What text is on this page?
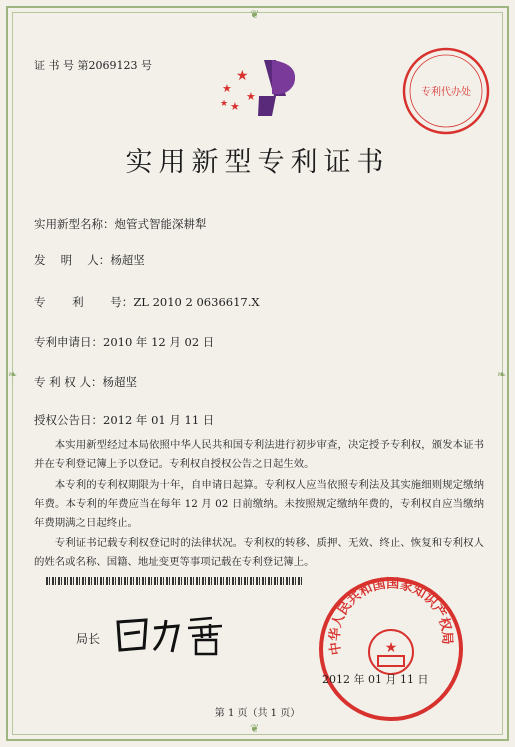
❦
❦
❧	❧
证 书 号 第2069123 号
★
★
★
★
★
专利代办处
实用新型专利证书
实用新型名称：炮管式智能深耕犁
发　 明　 人：杨超坚
专　　 利　　 号：ZL 2010 2 0636617.X
专利申请日：2010 年 12 月 02 日
专 利 权 人：杨超坚
授权公告日：2012 年 01 月 11 日
本实用新型经过本局依照中华人民共和国专利法进行初步审查，决定授予专利权，颁发本证书并在专利登记簿上予以登记。专利权自授权公告之日起生效。
本专利的专利权期限为十年，自申请日起算。专利权人应当依照专利法及其实施细则规定缴纳年费。本专利的年费应当在每年 12 月 02 日前缴纳。未按照规定缴纳年费的，专利权自应当缴纳年费期满之日起终止。
专利证书记载专利权登记时的法律状况。专利权的转移、质押、无效、终止、恢复和专利权人的姓名或名称、国籍、地址变更等事项记载在专利登记簿上。
局长
中华人民共和国国家知识产权局
★
2012 年 01 月 11 日
第 1 页（共 1 页）
